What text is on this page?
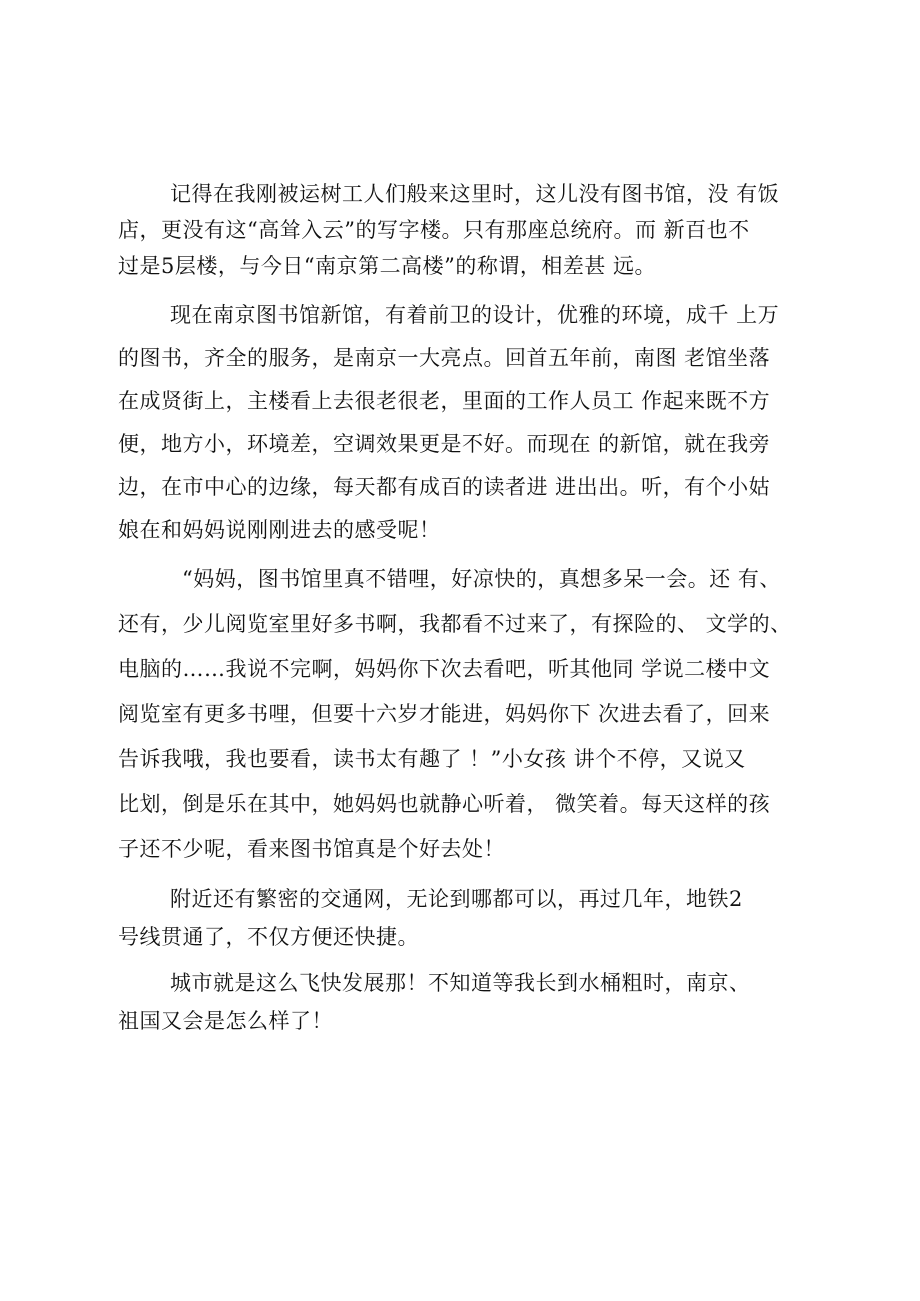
记得在我刚被运树工人们般来这里时，这儿没有图书馆，没 有饭
店，更没有这“高耸入云”的写字楼。只有那座总统府。而 新百也不
过是5层楼，与今日“南京第二高楼”的称谓，相差甚 远。

现在南京图书馆新馆，有着前卫的设计，优雅的环境，成千 上万
的图书，齐全的服务，是南京一大亮点。回首五年前，南图 老馆坐落
在成贤街上，主楼看上去很老很老，里面的工作人员工 作起来既不方
便，地方小，环境差，空调效果更是不好。而现在 的新馆，就在我旁
边，在市中心的边缘，每天都有成百的读者进 进出出。听，有个小姑
娘在和妈妈说刚刚进去的感受呢！

“妈妈，图书馆里真不错哩，好凉快的，真想多呆一会。还 有、
还有，少儿阅览室里好多书啊，我都看不过来了，有探险的、 文学的、
电脑的……我说不完啊，妈妈你下次去看吧，听其他同 学说二楼中文
阅览室有更多书哩，但要十六岁才能进，妈妈你下 次进去看了，回来
告诉我哦，我也要看，读书太有趣了 ！”小女孩 讲个不停，又说又
比划，倒是乐在其中，她妈妈也就静心听着， 微笑着。每天这样的孩
子还不少呢，看来图书馆真是个好去处！

附近还有繁密的交通网，无论到哪都可以，再过几年，地铁2
号线贯通了，不仅方便还快捷。

城市就是这么飞快发展那！不知道等我长到水桶粗时，南京、
祖国又会是怎么样了！
